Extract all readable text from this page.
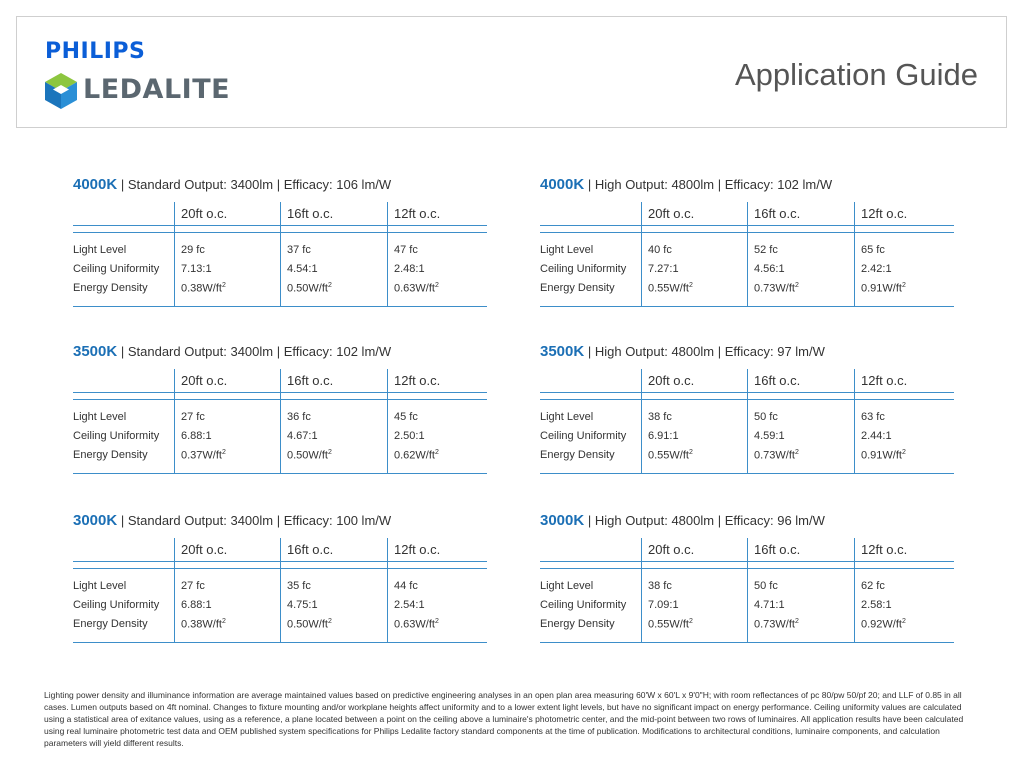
PHILIPS
LEDALITE	Application Guide
4000K | Standard Output: 3400lm | Efficacy: 106 lm/W
20ft o.c.	16ft o.c.	12ft o.c.
Light Level	29 fc	37 fc	47 fc
Ceiling Uniformity 7.13:1	4.54:1	2.48:1
Energy Density	$0.38W/ft^2$	$0.50W/ft^2$	$0.63W/ft^2$
4000K | High Output: 4800lm | Efficacy: 102 lm/W
20ft o.c.	16ft o.c.	12ft o.c.
Light Level	40 fc	52 fc	65 fc
Ceiling Uniformity 7.27:1	4.56:1	2.42:1
Energy Density	$0.55W/ft^2$	$0.73W/ft^2$	$0.91W/ft^2$
3500K | Standard Output: 3400lm | Efficacy: 102 lm/W
20ft o.c.	16ft o.c.	12ft o.c.
Light Level	27 fc	36 fc	45 fc
Ceiling Uniformity 6.88:1	4.67:1	2.50:1
Energy Density	$0.37W/ft^2$	$0.50W/ft^2$	$0.62W/ft^2$
3500K | High Output: 4800lm | Efficacy: 97 lm/W
20ft o.c.	16ft o.c.	12ft o.c.
Light Level	38 fc	50 fc	63 fc
Ceiling Uniformity 6.91:1	4.59:1	2.44:1
Energy Density	$0.55W/ft^2$	$0.73W/ft^2$	$0.91W/ft^2$
3000K | Standard Output: 3400lm | Efficacy: 100 lm/W
20ft o.c.	16ft o.c.	12ft o.c.
Light Level	27 fc	35 fc	44 fc
Ceiling Uniformity 6.88:1	4.75:1	2.54:1
Energy Density	$0.38W/ft^2$	$0.50W/ft^2$	$0.63W/ft^2$
3000K | High Output: 4800lm | Efficacy: 96 lm/W
20ft o.c.	16ft o.c.	12ft o.c.
Light Level	38 fc	50 fc	62 fc
Ceiling Uniformity 7.09:1	4.71:1	2.58:1
Energy Density	$0.55W/ft^2$	$0.73W/ft^2$	$0.92W/ft^2$
Lighting power density and illuminance information are average maintained values based on predictive engineering analyses in an open plan area measuring 60'W x 60'L x 9'0"H; with room reflectances of pc 80/pw 50/pf 20; and LLF of 0.85 in all cases. Lumen outputs based on 4ft nominal. Changes to fixture mounting and/or workplane heights affect uniformity and to a lower extent light levels, but have no significant impact on energy performance. Ceiling uniformity values are calculated using a statistical area of exitance values, using as a reference, a plane located between a point on the ceiling above a luminaire's photometric center, and the mid-point between two rows of luminaires. All application results have been calculated using real luminaire photometric test data and OEM published system specifications for Philips Ledalite factory standard components at the time of publication. Modifications to architectural conditions, luminaire components, and calculation parameters will yield different results.
